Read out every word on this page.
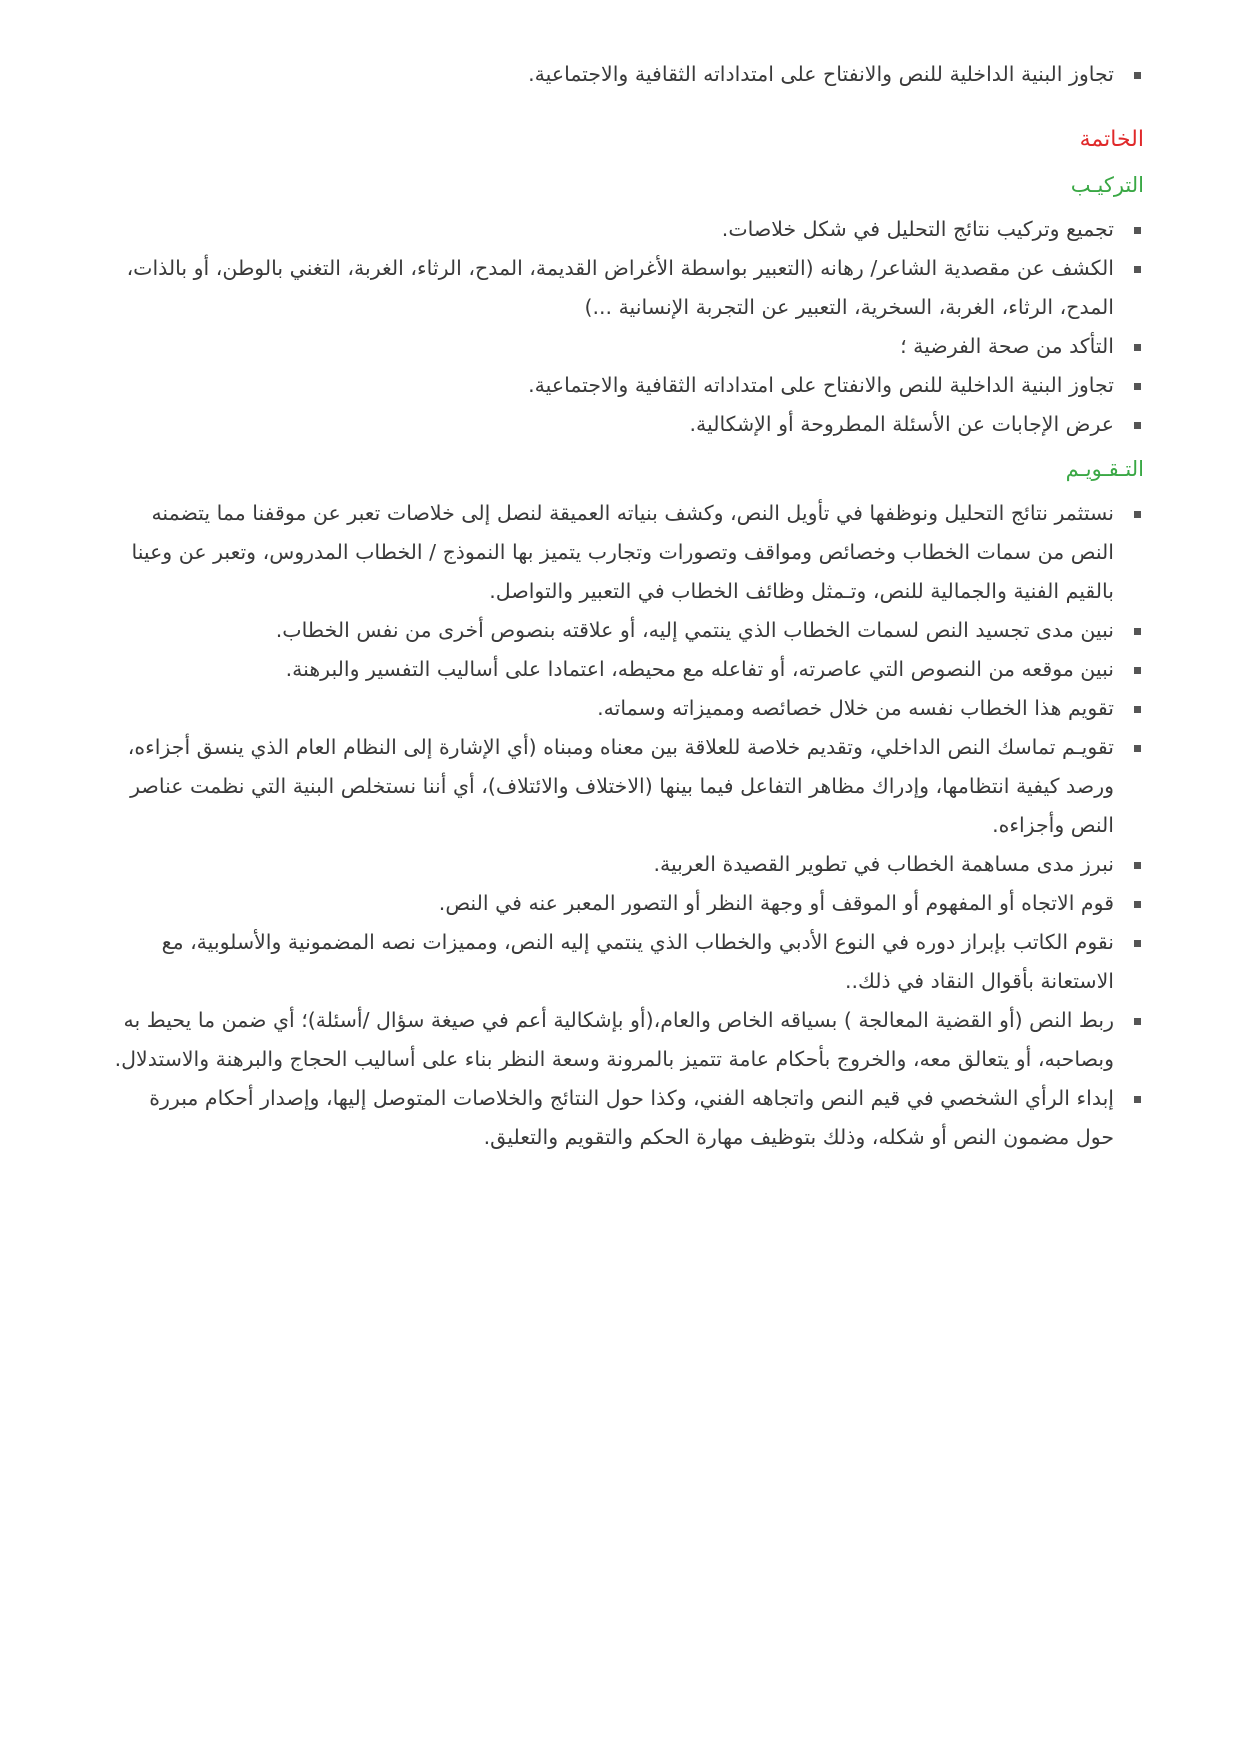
تجاوز البنية الداخلية للنص والانفتاح على امتداداته الثقافية والاجتماعية.
الخاتمة
التركيـب
تجميع وتركيب نتائج التحليل في شكل خلاصات.
الكشف عن مقصدية الشاعر/ رهانه (التعبير بواسطة الأغراض القديمة، المدح، الرثاء، الغربة، التغني بالوطن، أو بالذات، المدح، الرثاء، الغربة، السخرية، التعبير عن التجربة الإنسانية ...)
التأكد من صحة الفرضية ؛
تجاوز البنية الداخلية للنص والانفتاح على امتداداته الثقافية والاجتماعية.
عرض الإجابات عن الأسئلة المطروحة أو الإشكالية.
التـقـويـم
نستثمر نتائج التحليل ونوظفها في تأويل النص، وكشف بنياته العميقة لنصل إلى خلاصات تعبر عن موقفنا مما يتضمنه النص من سمات الخطاب وخصائص ومواقف وتصورات وتجارب يتميز بها النموذج / الخطاب المدروس، وتعبر عن وعينا بالقيم الفنية والجمالية للنص، وتـمثل وظائف الخطاب في التعبير والتواصل.
نبين مدى تجسيد النص لسمات الخطاب الذي ينتمي إليه، أو علاقته بنصوص أخرى من نفس الخطاب.
نبين موقعه من النصوص التي عاصرته، أو تفاعله مع محيطه، اعتمادا على أساليب التفسير والبرهنة.
تقويم هذا الخطاب نفسه من خلال خصائصه ومميزاته وسماته.
تقويـم تماسك النص الداخلي، وتقديم خلاصة للعلاقة بين معناه ومبناه (أي الإشارة إلى النظام العام الذي ينسق أجزاءه، ورصد كيفية انتظامها، وإدراك مظاهر التفاعل فيما بينها (الاختلاف والائتلاف)، أي أننا نستخلص البنية التي نظمت عناصر النص وأجزاءه.
نبرز مدى مساهمة الخطاب في تطوير القصيدة العربية.
قوم الاتجاه أو المفهوم أو الموقف أو وجهة النظر أو التصور المعبر عنه في النص.
نقوم الكاتب بإبراز دوره في النوع الأدبي والخطاب الذي ينتمي إليه النص، ومميزات نصه المضمونية والأسلوبية، مع الاستعانة بأقوال النقاد في ذلك..
ربط النص (أو القضية المعالجة ) بسياقه الخاص والعام،(أو بإشكالية أعم في صيغة سؤال /أسئلة)؛ أي ضمن ما يحيط به وبصاحبه، أو يتعالق معه، والخروج بأحكام عامة تتميز بالمرونة وسعة النظر بناء على أساليب الحجاج والبرهنة والاستدلال.
إبداء الرأي الشخصي في قيم النص واتجاهه الفني، وكذا حول النتائج والخلاصات المتوصل إليها، وإصدار أحكام مبررة حول مضمون النص أو شكله، وذلك بتوظيف مهارة الحكم والتقويم والتعليق.
